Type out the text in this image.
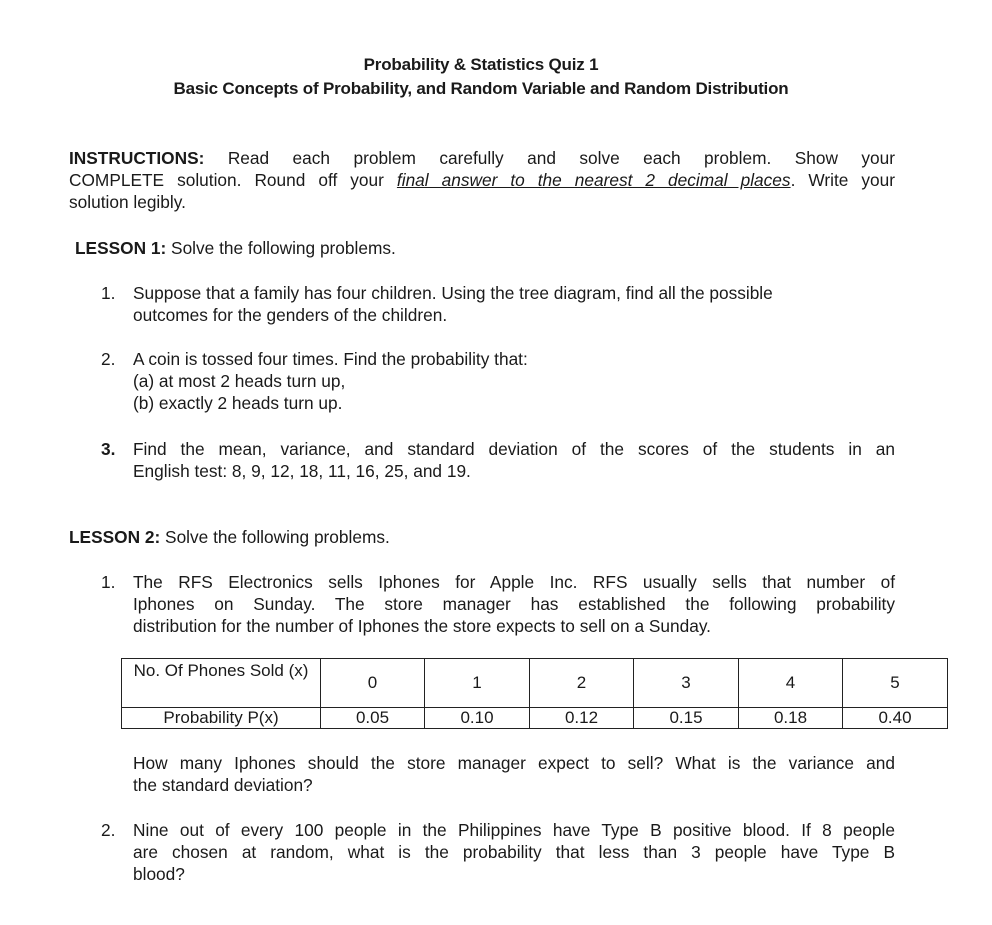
Probability & Statistics Quiz 1
Basic Concepts of Probability, and Random Variable and Random Distribution
INSTRUCTIONS: Read each problem carefully and solve each problem. Show your
COMPLETE solution. Round off your final answer to the nearest 2 decimal places. Write your
solution legibly.
LESSON 1: Solve the following problems.
1.	Suppose that a family has four children. Using the tree diagram, find all the possible
outcomes for the genders of the children.
2.	A coin is tossed four times. Find the probability that:
(a) at most 2 heads turn up,
(b) exactly 2 heads turn up.
3.	Find the mean, variance, and standard deviation of the scores of the students in an
English test: 8, 9, 12, 18, 11, 16, 25, and 19.
LESSON 2: Solve the following problems.
1.	The RFS Electronics sells Iphones for Apple Inc. RFS usually sells that number of
Iphones on Sunday. The store manager has established the following probability
distribution for the number of Iphones the store expects to sell on a Sunday.
No. Of Phones Sold (x)	0	1	2	3	4	5
Probability P(x)	0.05	0.10	0.12	0.15	0.18	0.40
How many Iphones should the store manager expect to sell? What is the variance and
the standard deviation?
2.	Nine out of every 100 people in the Philippines have Type B positive blood. If 8 people
are chosen at random, what is the probability that less than 3 people have Type B
blood?
